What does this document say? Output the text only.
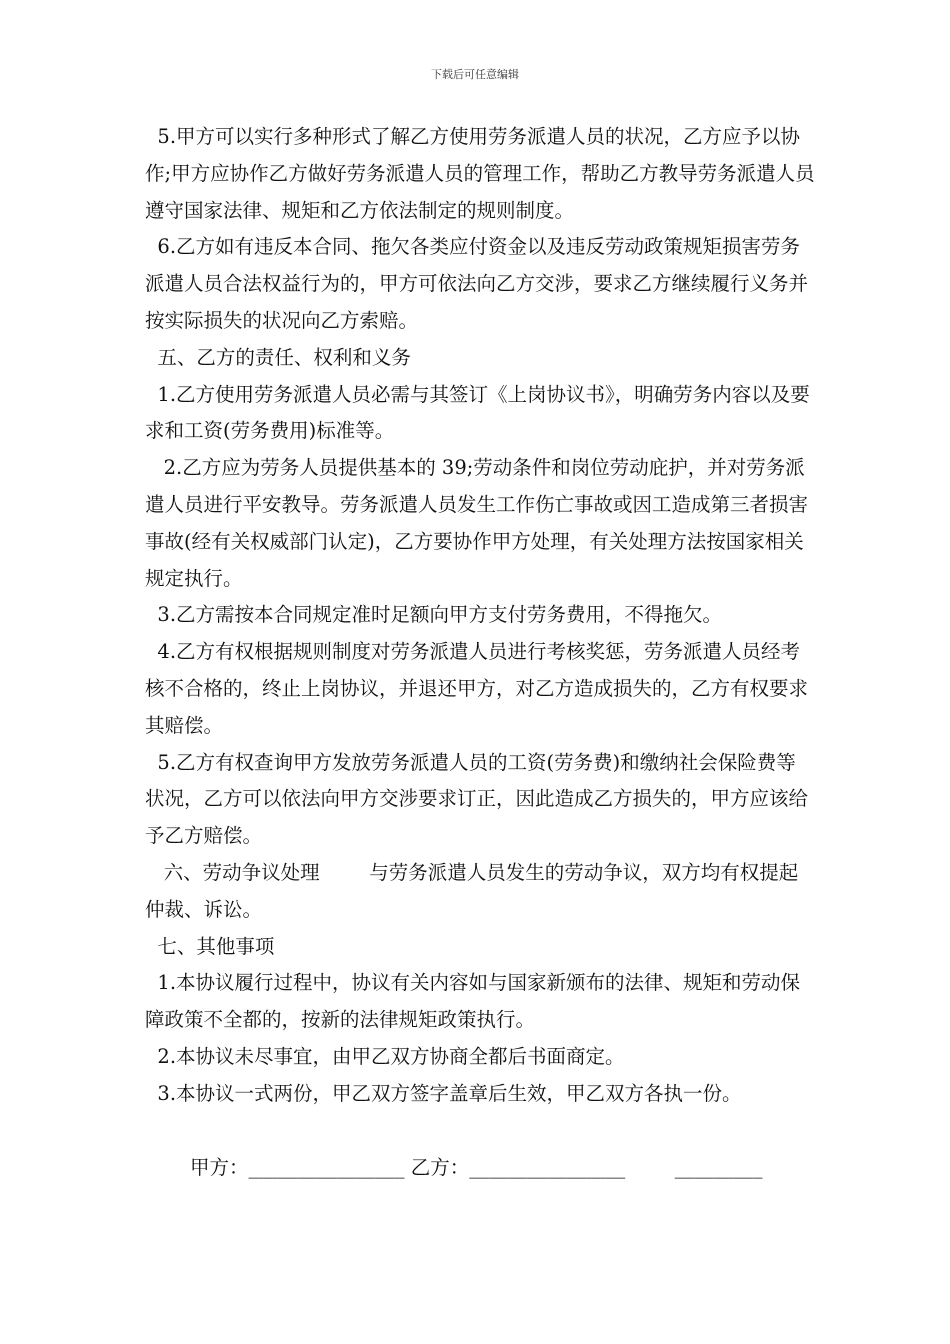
下载后可任意编辑

5.甲方可以实行多种形式了解乙方使用劳务派遣人员的状况，乙方应予以协作;甲方应协作乙方做好劳务派遣人员的管理工作，帮助乙方教导劳务派遣人员遵守国家法律、规矩和乙方依法制定的规则制度。

6.乙方如有违反本合同、拖欠各类应付资金以及违反劳动政策规矩损害劳务派遣人员合法权益行为的，甲方可依法向乙方交涉，要求乙方继续履行义务并按实际损失的状况向乙方索赔。

五、乙方的责任、权利和义务

1.乙方使用劳务派遣人员必需与其签订《上岗协议书》，明确劳务内容以及要求和工资(劳务费用)标准等。

2.乙方应为劳务人员提供基本的 39;劳动条件和岗位劳动庇护，并对劳务派遣人员进行平安教导。劳务派遣人员发生工作伤亡事故或因工造成第三者损害事故(经有关权威部门认定)，乙方要协作甲方处理，有关处理方法按国家相关规定执行。

3.乙方需按本合同规定准时足额向甲方支付劳务费用，不得拖欠。

4.乙方有权根据规则制度对劳务派遣人员进行考核奖惩，劳务派遣人员经考核不合格的，终止上岗协议，并退还甲方，对乙方造成损失的，乙方有权要求其赔偿。

5.乙方有权查询甲方发放劳务派遣人员的工资(劳务费)和缴纳社会保险费等状况，乙方可以依法向甲方交涉要求订正，因此造成乙方损失的，甲方应该给予乙方赔偿。

六、劳动争议处理        与劳务派遣人员发生的劳动争议，双方均有权提起仲裁、诉讼。

七、其他事项

1.本协议履行过程中，协议有关内容如与国家新颁布的法律、规矩和劳动保障政策不全都的，按新的法律规矩政策执行。

2.本协议未尽事宜，由甲乙双方协商全都后书面商定。

3.本协议一式两份，甲乙双方签字盖章后生效，甲乙双方各执一份。

甲方：________________ 乙方：________________        _________
